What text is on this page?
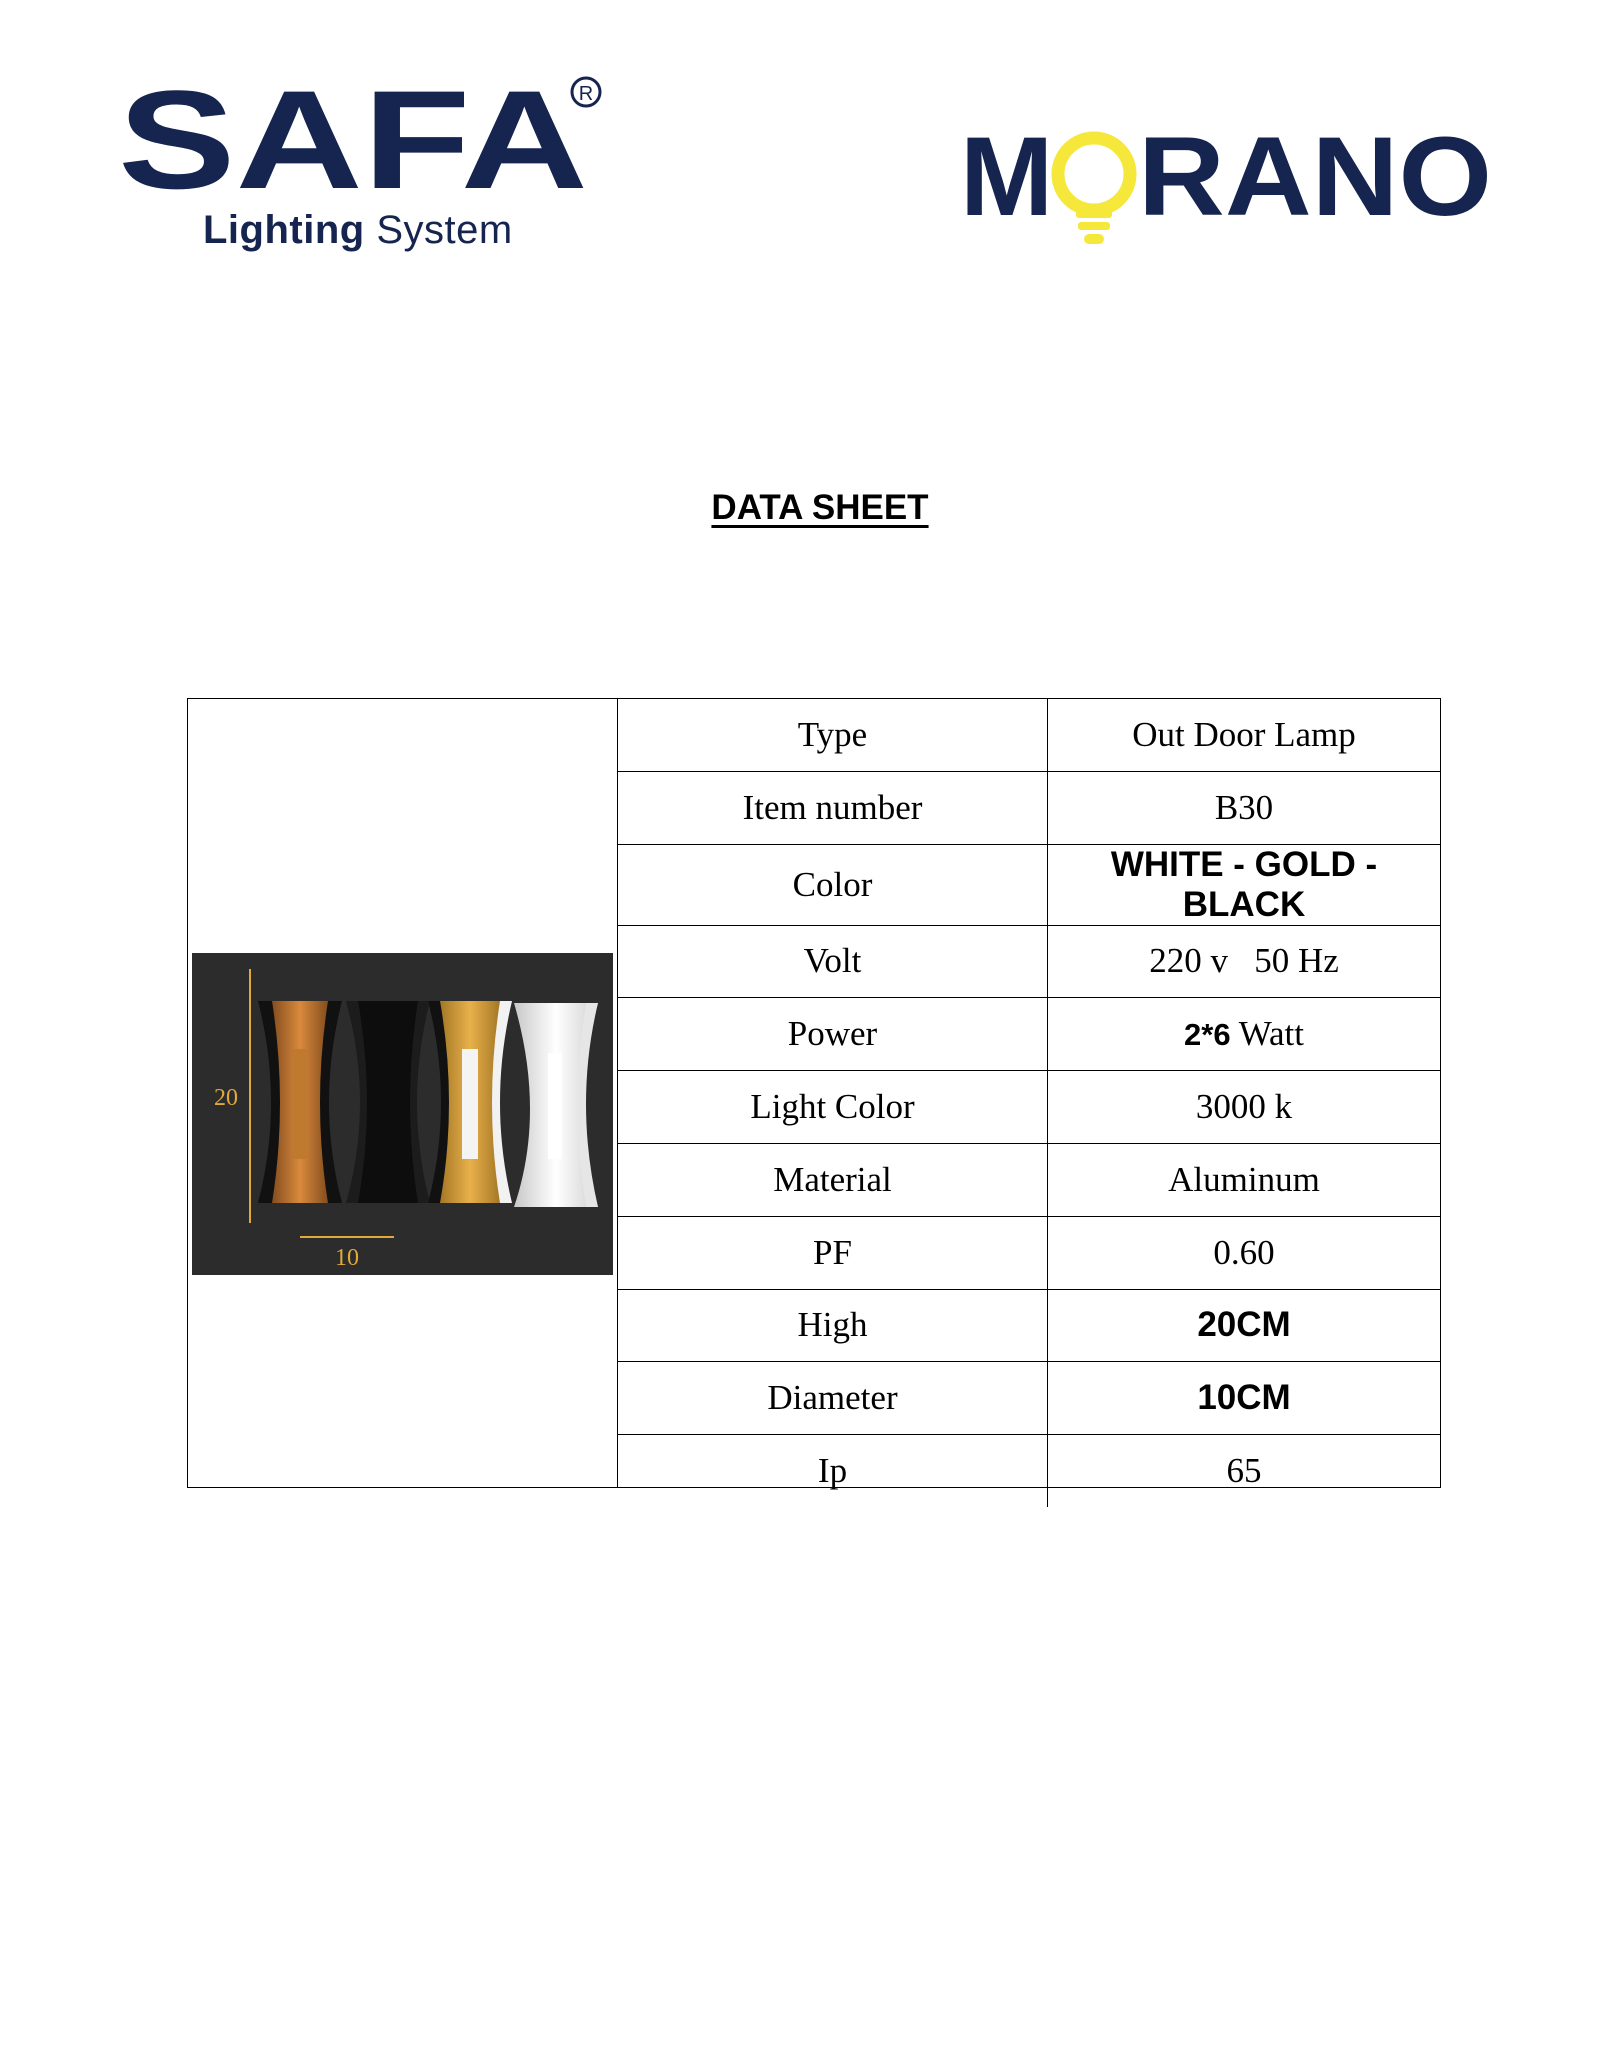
SAFA
R
Lighting System	M RANO
DATA SHEET
20
10
Type	Out Door Lamp
Item number	B30
Color	WHITE - GOLD - BLACK
Volt	220 v   50 Hz
Power	2*6 Watt
Light Color	3000 k
Material	Aluminum
PF	0.60
High	20CM
Diameter	10CM
Ip	65
